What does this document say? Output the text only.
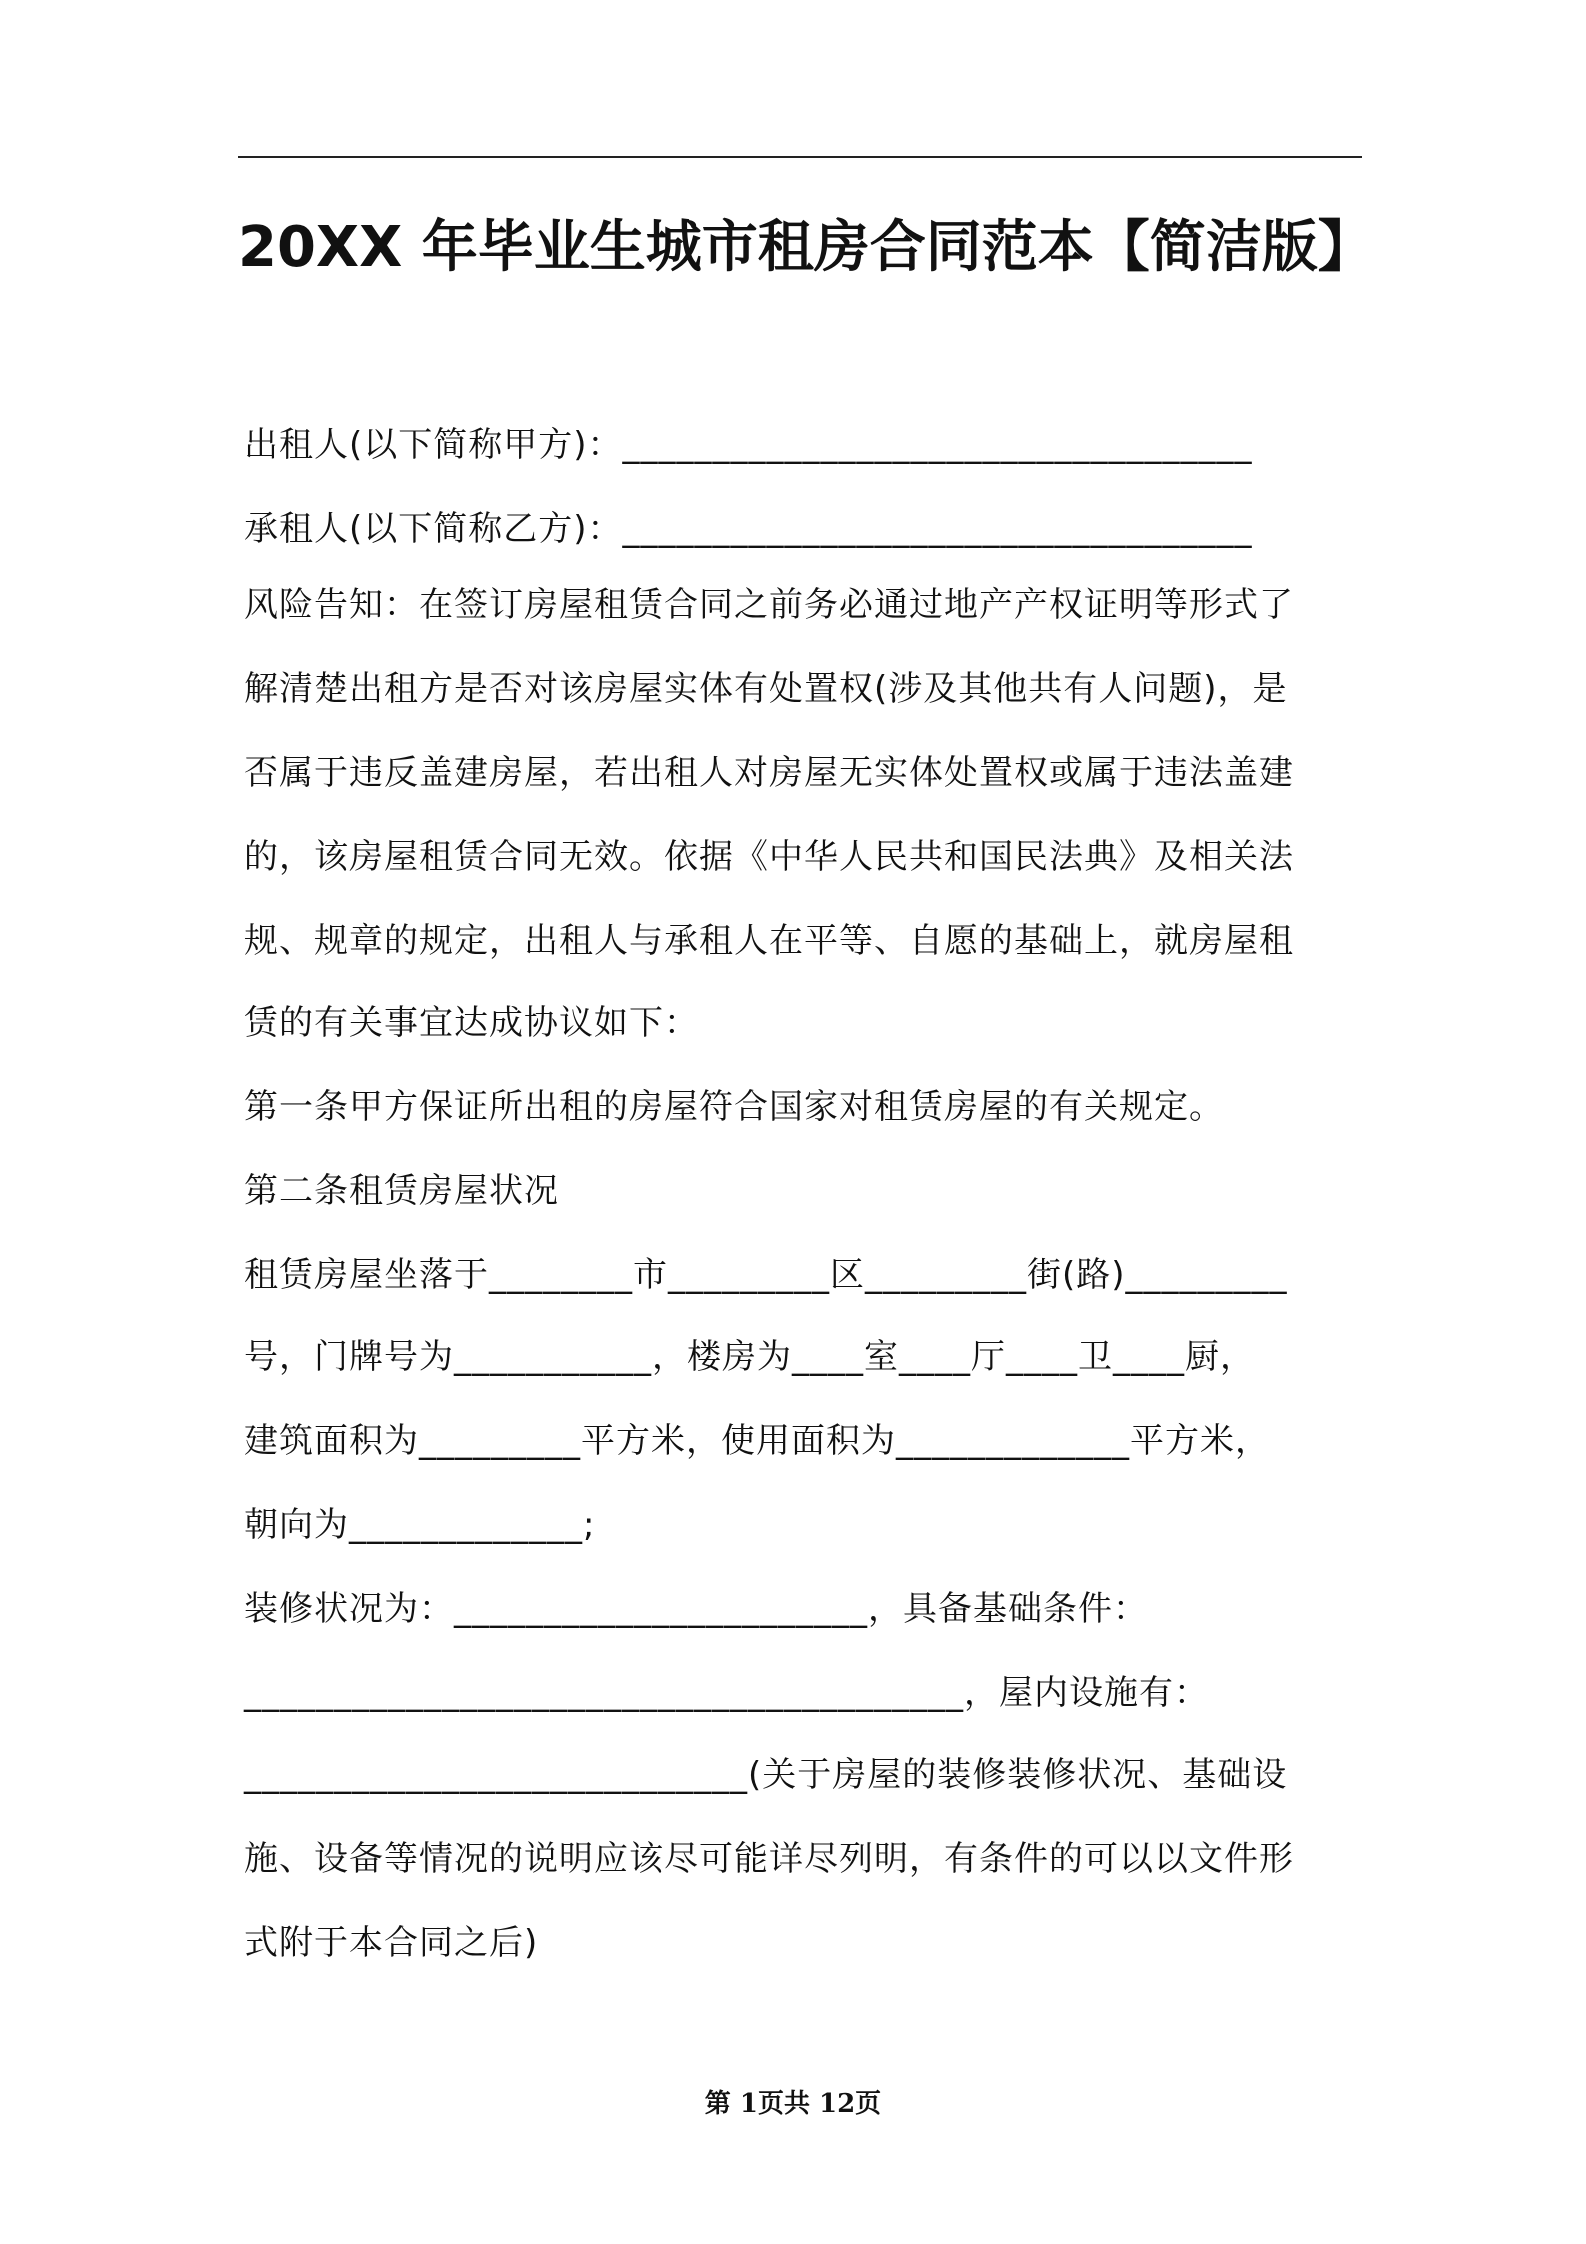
20XX 年毕业生城市租房合同范本【简洁版】
出租人(以下简称甲方)：___________________________________
承租人(以下简称乙方)：___________________________________
风险告知：在签订房屋租赁合同之前务必通过地产产权证明等形式了
解清楚出租方是否对该房屋实体有处置权(涉及其他共有人问题)，是
否属于违反盖建房屋，若出租人对房屋无实体处置权或属于违法盖建
的，该房屋租赁合同无效。依据《中华人民共和国民法典》及相关法
规、规章的规定，出租人与承租人在平等、自愿的基础上，就房屋租
赁的有关事宜达成协议如下：
第一条甲方保证所出租的房屋符合国家对租赁房屋的有关规定。
第二条租赁房屋状况
租赁房屋坐落于________市_________区_________街(路)_________
号，门牌号为___________，楼房为____室____厅____卫____厨，
建筑面积为_________平方米，使用面积为_____________平方米，
朝向为_____________;
装修状况为：_______________________，具备基础条件：
________________________________________，屋内设施有：
____________________________(关于房屋的装修装修状况、基础设
施、设备等情况的说明应该尽可能详尽列明，有条件的可以以文件形
式附于本合同之后)
第 1页共 12页
